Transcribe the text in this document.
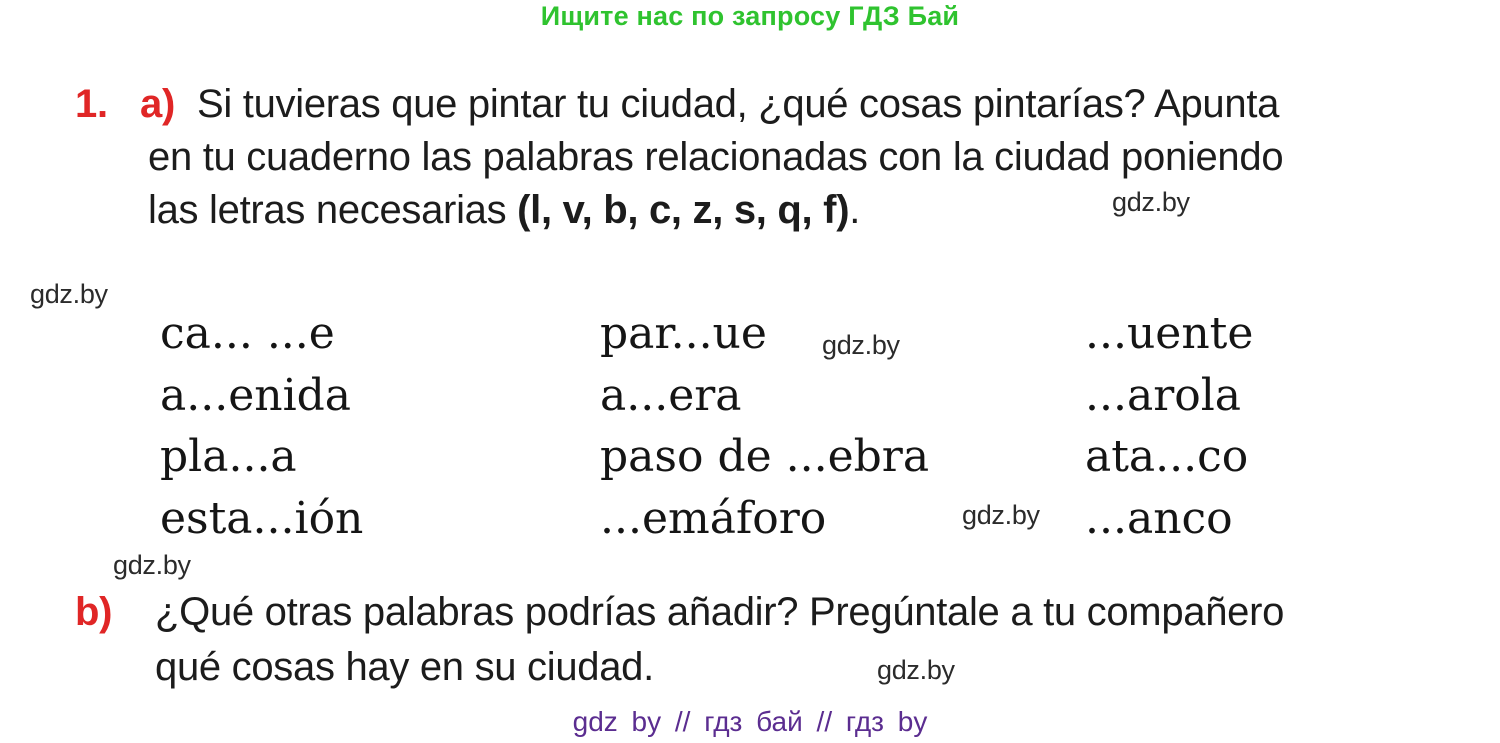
Ищите нас по запросу ГДЗ Бай
1. a) Si tuvieras que pintar tu ciudad, ¿qué cosas pintarías? Apunta
en tu cuaderno las palabras relacionadas con la ciudad poniendo
las letras necesarias (l, v, b, c, z, s, q, f).	gdz.by
gdz.by
gdz.by
gdz.by
gdz.by
gdz.by
ca... ...e
a...enida
pla...a
esta...ión
par...ue
a...era
paso de ...ebra
...emáforo
...uente
...arola
ata...co
...anco
b) ¿Qué otras palabras podrías añadir? Pregúntale a tu compañero
qué cosas hay en su ciudad.
gdz by // гдз бай // гдз by
